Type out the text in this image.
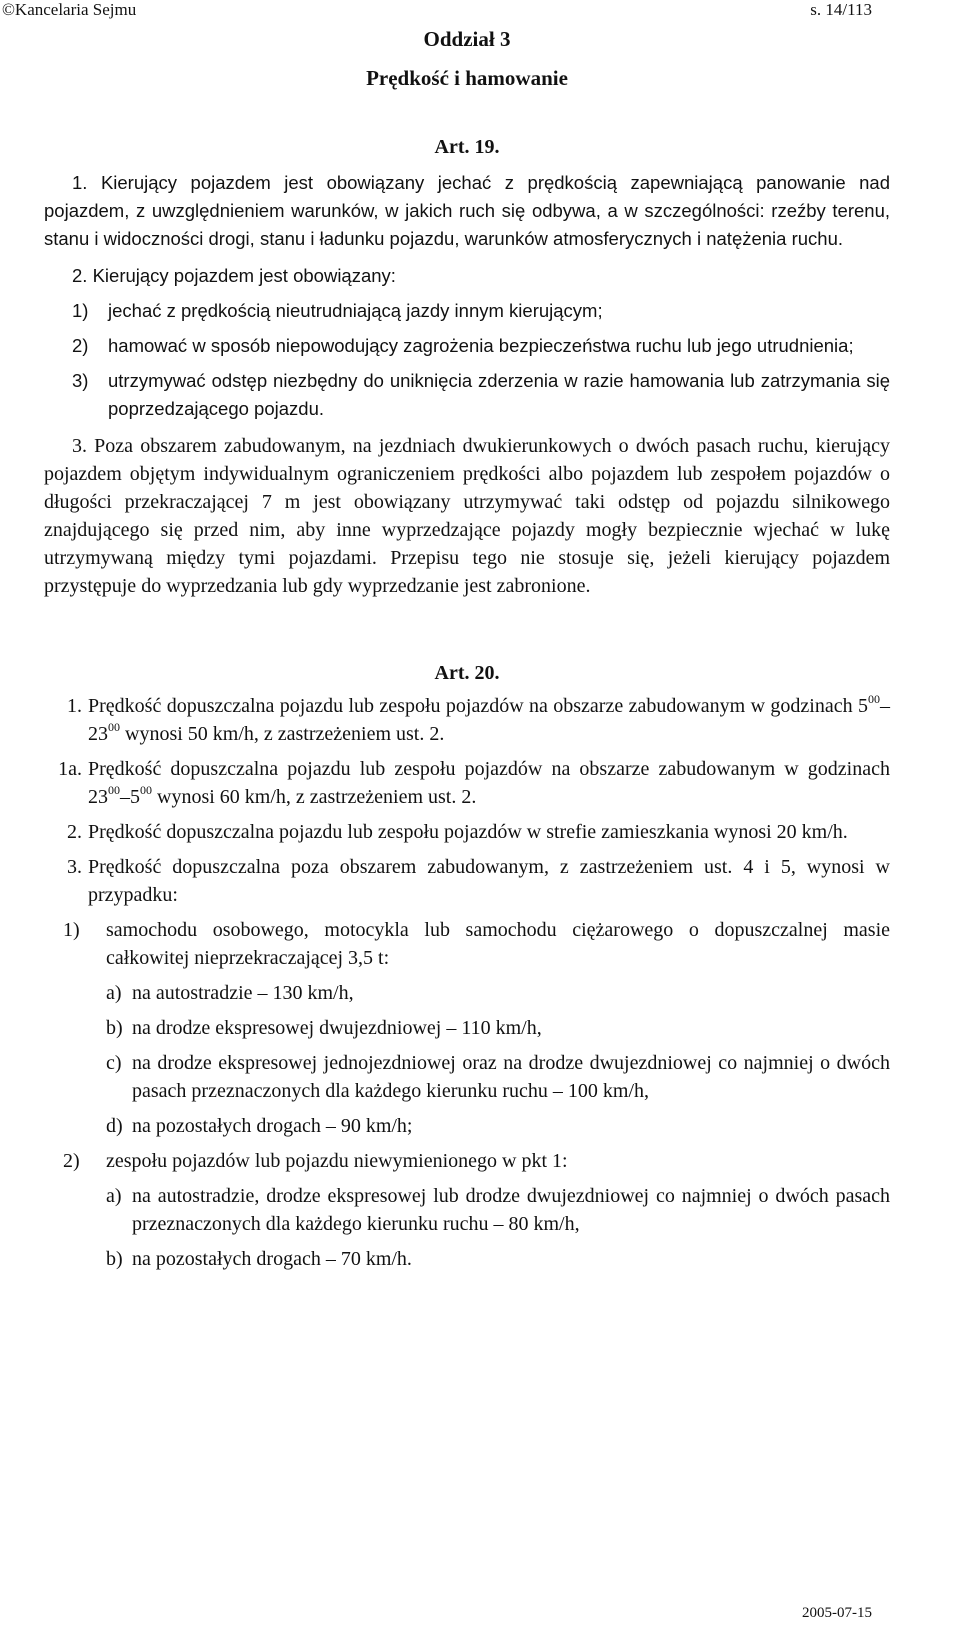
©Kancelaria Sejmu	s. 14/113
Oddział 3
Prędkość i hamowanie
Art. 19.
1. Kierujący pojazdem jest obowiązany jechać z prędkością zapewniającą panowanie nad pojazdem, z uwzględnieniem warunków, w jakich ruch się odbywa, a w szczególności: rzeźby terenu, stanu i widoczności drogi, stanu i ładunku pojazdu, warunków atmosferycznych i natężenia ruchu.
2. Kierujący pojazdem jest obowiązany:
1) jechać z prędkością nieutrudniającą jazdy innym kierującym;
2) hamować w sposób niepowodujący zagrożenia bezpieczeństwa ruchu lub jego utrudnienia;
3) utrzymywać odstęp niezbędny do uniknięcia zderzenia w razie hamowania lub zatrzymania się poprzedzającego pojazdu.
3. Poza obszarem zabudowanym, na jezdniach dwukierunkowych o dwóch pasach ruchu, kierujący pojazdem objętym indywidualnym ograniczeniem prędkości albo pojazdem lub zespołem pojazdów o długości przekraczającej 7 m jest obowiązany utrzymywać taki odstęp od pojazdu silnikowego znajdującego się przed nim, aby inne wyprzedzające pojazdy mogły bezpiecznie wjechać w lukę utrzymywaną między tymi pojazdami. Przepisu tego nie stosuje się, jeżeli kierujący pojazdem przystępuje do wyprzedzania lub gdy wyprzedzanie jest zabronione.
Art. 20.
1. Prędkość dopuszczalna pojazdu lub zespołu pojazdów na obszarze zabudowanym w godzinach $5^{00}-23^{00}$ wynosi 50 km/h, z zastrzeżeniem ust. 2.
1a. Prędkość dopuszczalna pojazdu lub zespołu pojazdów na obszarze zabudowanym w godzinach $23^{00}-5^{00}$ wynosi 60 km/h, z zastrzeżeniem ust. 2.
2. Prędkość dopuszczalna pojazdu lub zespołu pojazdów w strefie zamieszkania wynosi 20 km/h.
3. Prędkość dopuszczalna poza obszarem zabudowanym, z zastrzeżeniem ust. 4 i 5, wynosi w przypadku:
1) samochodu osobowego, motocykla lub samochodu ciężarowego o dopuszczalnej masie całkowitej nieprzekraczającej 3,5 t:
a) na autostradzie – 130 km/h,
b) na drodze ekspresowej dwujezdniowej – 110 km/h,
c) na drodze ekspresowej jednojezdniowej oraz na drodze dwujezdniowej co najmniej o dwóch pasach przeznaczonych dla każdego kierunku ruchu – 100 km/h,
d) na pozostałych drogach – 90 km/h;
2) zespołu pojazdów lub pojazdu niewymienionego w pkt 1:
a) na autostradzie, drodze ekspresowej lub drodze dwujezdniowej co najmniej o dwóch pasach przeznaczonych dla każdego kierunku ruchu – 80 km/h,
b) na pozostałych drogach – 70 km/h.
2005-07-15
